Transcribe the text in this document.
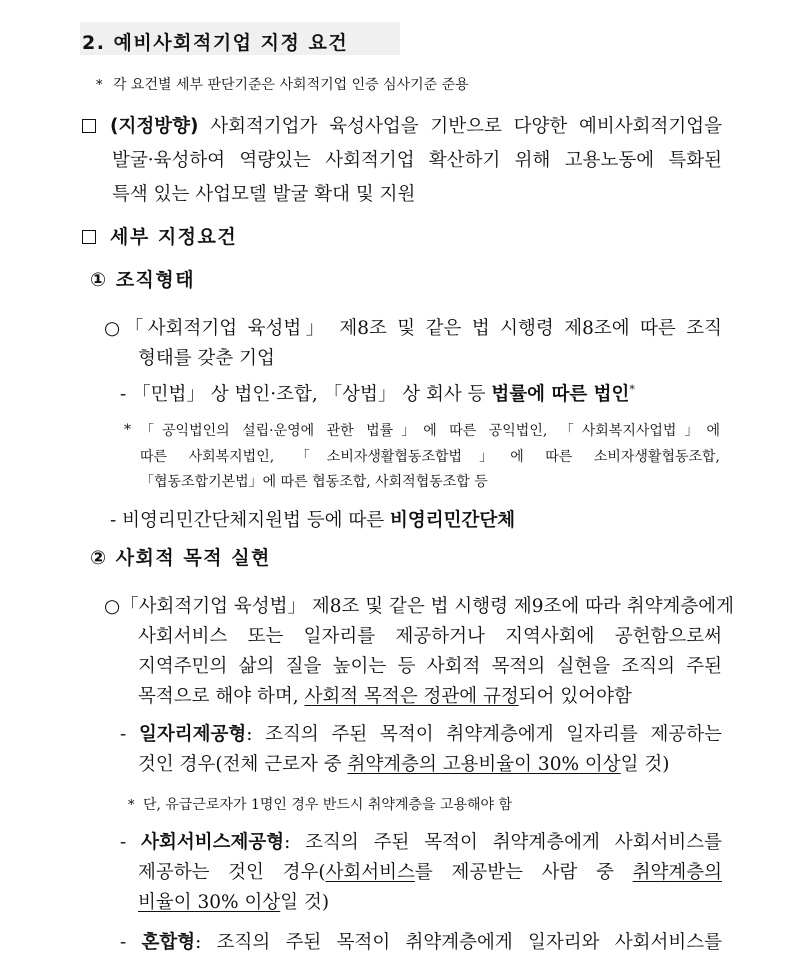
2. 예비사회적기업 지정 요건
* 각 요건별 세부 판단기준은 사회적기업 인증 심사기준 준용
(지정방향) 사회적기업가 육성사업을 기반으로 다양한 예비사회적기업을
발굴·육성하여 역량있는 사회적기업 확산하기 위해 고용노동에 특화된
특색 있는 사업모델 발굴 확대 및 지원
세부 지정요건
① 조직형태
○「사회적기업 육성법」 제8조 및 같은 법 시행령 제8조에 따른 조직
형태를 갖춘 기업
- 「민법」 상 법인·조합, 「상법」 상 회사 등 법률에 따른 법인*
* 「공익법인의 설립·운영에 관한 법률」에 따른 공익법인, 「사회복지사업법」에
따른 사회복지법인, 「소비자생활협동조합법」에 따른 소비자생활협동조합,
「협동조합기본법」에 따른 협동조합, 사회적협동조합 등
- 비영리민간단체지원법 등에 따른 비영리민간단체
② 사회적 목적 실현
○「사회적기업 육성법」 제8조 및 같은 법 시행령 제9조에 따라 취약계층에게
사회서비스 또는 일자리를 제공하거나 지역사회에 공헌함으로써
지역주민의 삶의 질을 높이는 등 사회적 목적의 실현을 조직의 주된
목적으로 해야 하며, 사회적 목적은 정관에 규정되어 있어야함
- 일자리제공형: 조직의 주된 목적이 취약계층에게 일자리를 제공하는
것인 경우(전체 근로자 중 취약계층의 고용비율이 30% 이상일 것)
* 단, 유급근로자가 1명인 경우 반드시 취약계층을 고용해야 함
- 사회서비스제공형: 조직의 주된 목적이 취약계층에게 사회서비스를
제공하는 것인 경우(사회서비스를 제공받는 사람 중 취약계층의
비율이 30% 이상일 것)
- 혼합형: 조직의 주된 목적이 취약계층에게 일자리와 사회서비스를
